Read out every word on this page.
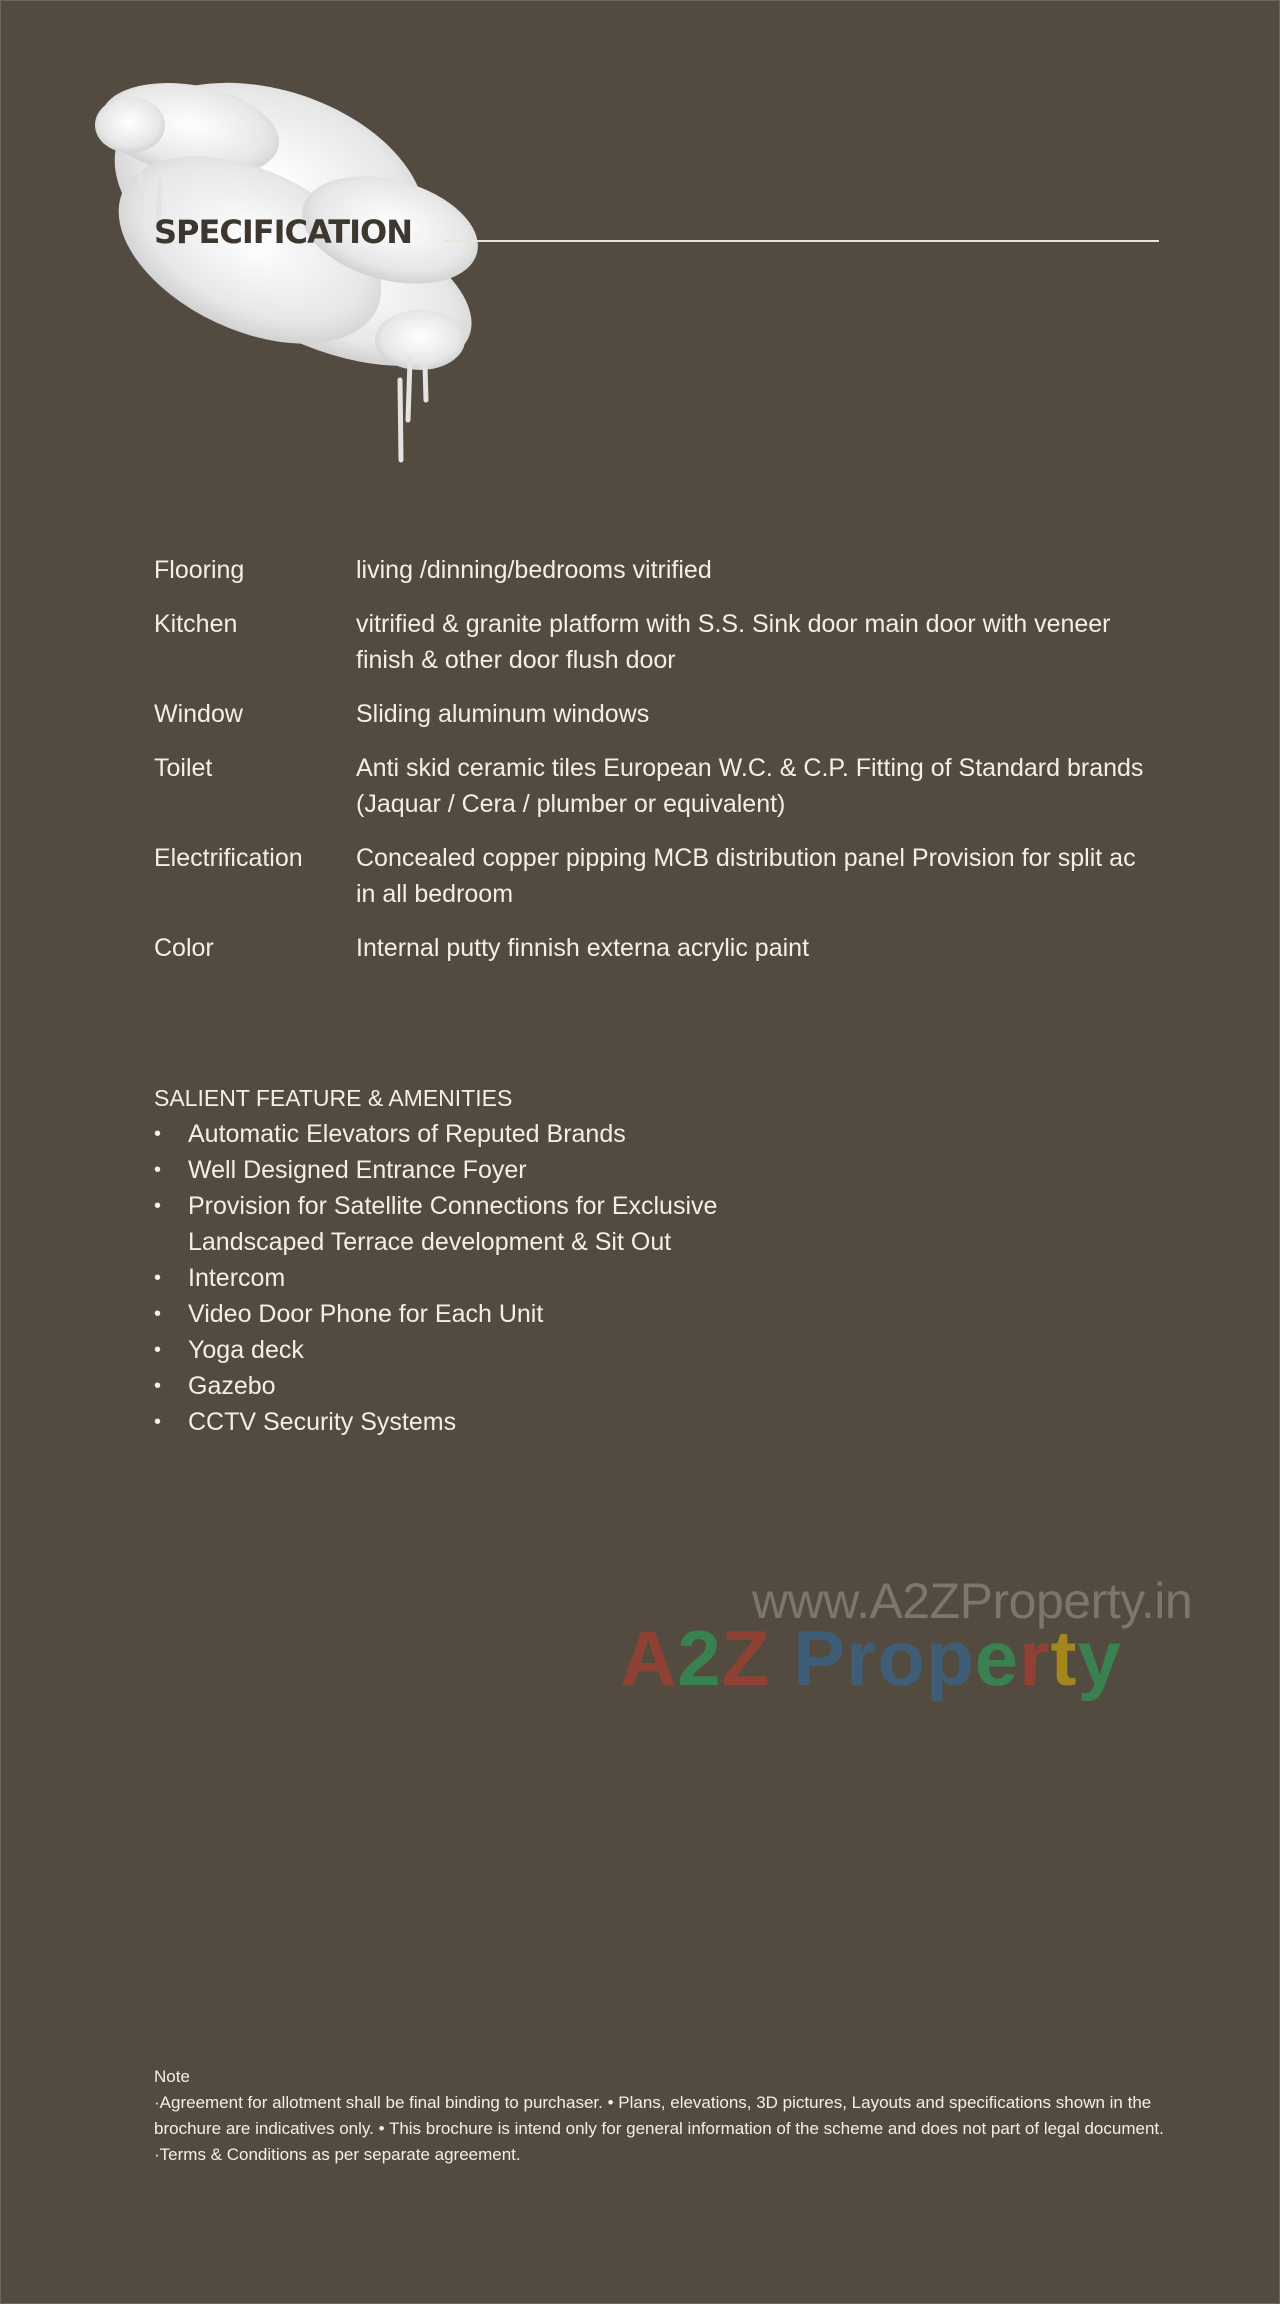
SPECIFICATION
Flooring	living /dinning/bedrooms vitrified
Kitchen	vitrified & granite platform with S.S. Sink door main door with veneer finish & other door flush door
Window	Sliding aluminum windows
Toilet	Anti skid ceramic tiles European W.C. & C.P. Fitting of Standard brands (Jaquar / Cera / plumber or equivalent)
Electrification	Concealed copper pipping MCB distribution panel Provision for split ac in all bedroom
Color	Internal putty finnish externa acrylic paint
SALIENT FEATURE & AMENITIES
• Automatic Elevators of Reputed Brands
• Well Designed Entrance Foyer
• Provision for Satellite Connections for Exclusive Landscaped Terrace development & Sit Out
• Intercom
• Video Door Phone for Each Unit
• Yoga deck
• Gazebo
• CCTV Security Systems
www.A2ZProperty.in
A2Z Property
Note
·Agreement for allotment shall be final binding to purchaser. • Plans, elevations, 3D pictures, Layouts and specifications shown in the brochure are indicatives only. • This brochure is intend only for general information of the scheme and does not part of legal document. ·Terms & Conditions as per separate agreement.
